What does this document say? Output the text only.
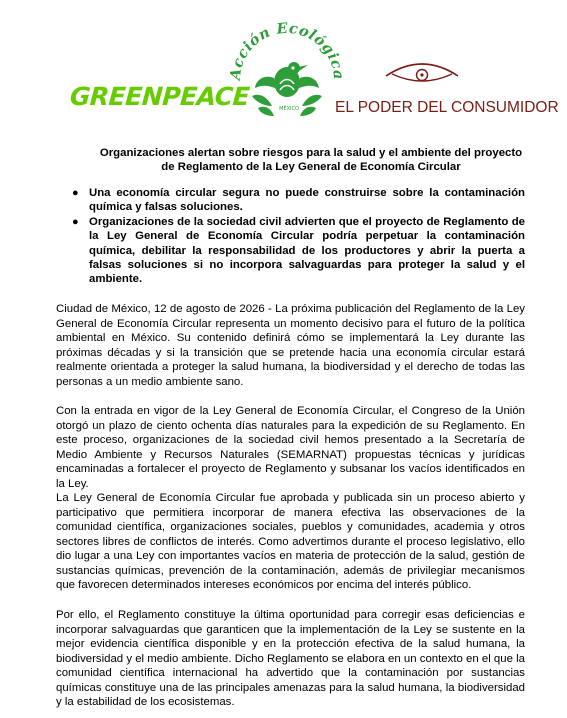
GREENPEACE
Acción Ecológica
MÉXICO EL PODER DEL CONSUMIDOR
Organizaciones alertan sobre riesgos para la salud y el ambiente del proyecto de Reglamento de la Ley General de Economía Circular
● Una economía circular segura no puede construirse sobre la contaminación química y falsas soluciones.
● Organizaciones de la sociedad civil advierten que el proyecto de Reglamento de la Ley General de Economía Circular podría perpetuar la contaminación química, debilitar la responsabilidad de los productores y abrir la puerta a falsas soluciones si no incorpora salvaguardas para proteger la salud y el ambiente.

Ciudad de México, 12 de agosto de 2026 - La próxima publicación del Reglamento de la Ley General de Economía Circular representa un momento decisivo para el futuro de la política ambiental en México. Su contenido definirá cómo se implementará la Ley durante las próximas décadas y si la transición que se pretende hacia una economía circular estará realmente orientada a proteger la salud humana, la biodiversidad y el derecho de todas las personas a un medio ambiente sano.

Con la entrada en vigor de la Ley General de Economía Circular, el Congreso de la Unión otorgó un plazo de ciento ochenta días naturales para la expedición de su Reglamento. En este proceso, organizaciones de la sociedad civil hemos presentado a la Secretaría de Medio Ambiente y Recursos Naturales (SEMARNAT) propuestas técnicas y jurídicas encaminadas a fortalecer el proyecto de Reglamento y subsanar los vacíos identificados en la Ley.

La Ley General de Economía Circular fue aprobada y publicada sin un proceso abierto y participativo que permitiera incorporar de manera efectiva las observaciones de la comunidad científica, organizaciones sociales, pueblos y comunidades, academia y otros sectores libres de conflictos de interés. Como advertimos durante el proceso legislativo, ello dio lugar a una Ley con importantes vacíos en materia de protección de la salud, gestión de sustancias químicas, prevención de la contaminación, además de privilegiar mecanismos que favorecen determinados intereses económicos por encima del interés público.

Por ello, el Reglamento constituye la última oportunidad para corregir esas deficiencias e incorporar salvaguardas que garanticen que la implementación de la Ley se sustente en la mejor evidencia científica disponible y en la protección efectiva de la salud humana, la biodiversidad y el medio ambiente. Dicho Reglamento se elabora en un contexto en el que la comunidad científica internacional ha advertido que la contaminación por sustancias químicas constituye una de las principales amenazas para la salud humana, la biodiversidad y la estabilidad de los ecosistemas.
